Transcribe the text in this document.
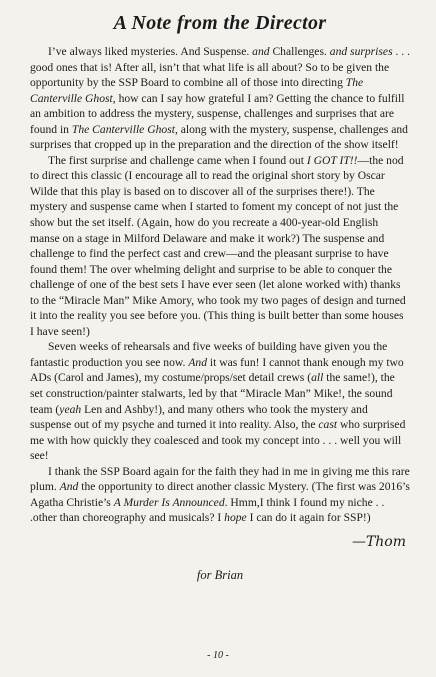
A Note from the Director

I’ve always liked mysteries. And Suspense. and Challenges. and surprises . . . good ones that is! After all, isn’t that what life is all about? So to be given the opportunity by the SSP Board to combine all of those into directing The Canterville Ghost, how can I say how grateful I am? Getting the chance to fulfill an ambition to address the mystery, suspense, challenges and surprises that are found in The Canterville Ghost, along with the mystery, suspense, challenges and surprises that cropped up in the preparation and the direction of the show itself!

The first surprise and challenge came when I found out I GOT IT!!—the nod to direct this classic (I encourage all to read the original short story by Oscar Wilde that this play is based on to discover all of the surprises there!). The mystery and suspense came when I started to foment my concept of not just the show but the set itself. (Again, how do you recreate a 400-year-old English manse on a stage in Milford Delaware and make it work?) The suspense and challenge to find the perfect cast and crew—and the pleasant surprise to have found them! The over whelming delight and surprise to be able to conquer the challenge of one of the best sets I have ever seen (let alone worked with) thanks to the “Miracle Man” Mike Amory, who took my two pages of design and turned it into the reality you see before you. (This thing is built better than some houses I have seen!)

Seven weeks of rehearsals and five weeks of building have given you the fantastic production you see now. And it was fun! I cannot thank enough my two ADs (Carol and James), my costume/props/set detail crews (all the same!), the set construction/painter stalwarts, led by that “Miracle Man” Mike!, the sound team (yeah Len and Ashby!), and many others who took the mystery and suspense out of my psyche and turned it into reality. Also, the cast who surprised me with how quickly they coalesced and took my concept into . . . well you will see!

I thank the SSP Board again for the faith they had in me in giving me this rare plum. And the opportunity to direct another classic Mystery. (The first was 2016’s Agatha Christie’s A Murder Is Announced. Hmm,I think I found my niche . . .other than choreography and musicals? I hope I can do it again for SSP!)

—Thom
for Brian
- 10 -
